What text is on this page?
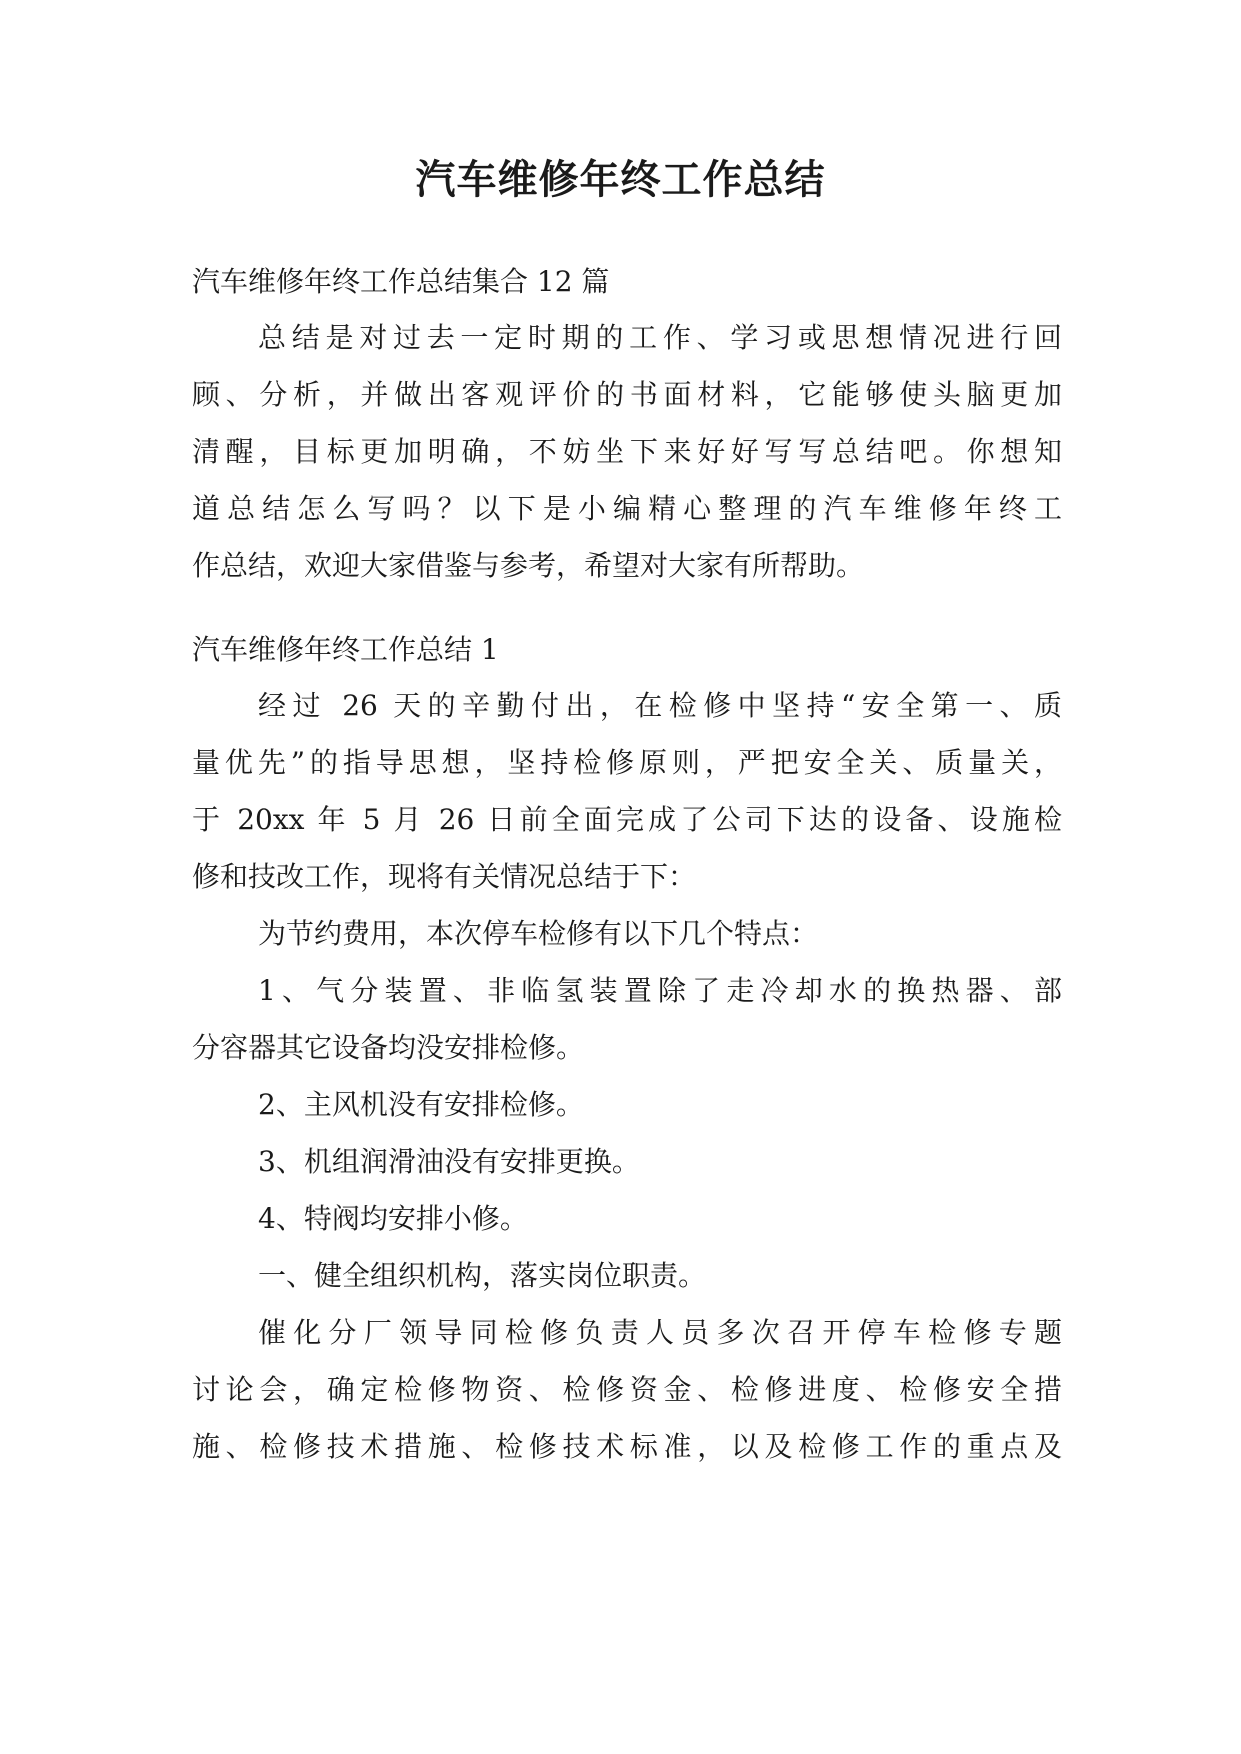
汽车维修年终工作总结

汽车维修年终工作总结集合 12 篇

总结是对过去一定时期的工作、学习或思想情况进行回

顾、分析，并做出客观评价的书面材料，它能够使头脑更加

清醒，目标更加明确，不妨坐下来好好写写总结吧。你想知

道总结怎么写吗？以下是小编精心整理的汽车维修年终工

作总结，欢迎大家借鉴与参考，希望对大家有所帮助。

汽车维修年终工作总结 1

经过 26 天的辛勤付出，在检修中坚持“安全第一、质

量优先”的指导思想，坚持检修原则，严把安全关、质量关，

于 20xx 年 5 月 26 日前全面完成了公司下达的设备、设施检

修和技改工作，现将有关情况总结于下：

为节约费用，本次停车检修有以下几个特点：

1、气分装置、非临氢装置除了走冷却水的换热器、部

分容器其它设备均没安排检修。

2、主风机没有安排检修。

3、机组润滑油没有安排更换。

4、特阀均安排小修。

一、健全组织机构，落实岗位职责。

催化分厂领导同检修负责人员多次召开停车检修专题

讨论会，确定检修物资、检修资金、检修进度、检修安全措

施、检修技术措施、检修技术标准，以及检修工作的重点及
